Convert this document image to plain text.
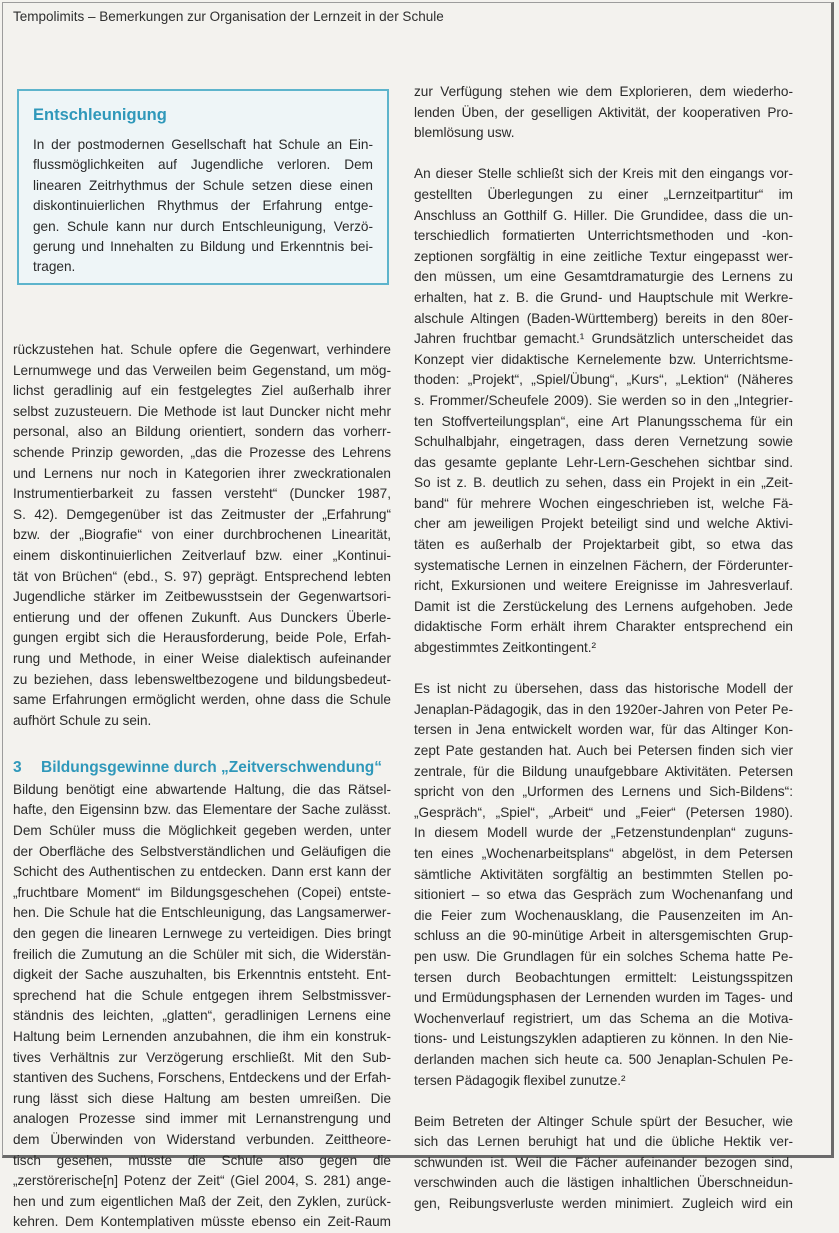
Tempolimits – Bemerkungen zur Organisation der Lernzeit in der Schule
Entschleunigung
In der postmodernen Gesellschaft hat Schule an Ein-
flussmöglichkeiten auf Jugendliche verloren. Dem
linearen Zeitrhythmus der Schule setzen diese einen
diskontinuierlichen Rhythmus der Erfahrung entge-
gen. Schule kann nur durch Entschleunigung, Verzö-
gerung und Innehalten zu Bildung und Erkenntnis bei-
tragen.
rückzustehen hat. Schule opfere die Gegenwart, verhindere
Lernumwege und das Verweilen beim Gegenstand, um mög-
lichst geradlinig auf ein festgelegtes Ziel außerhalb ihrer
selbst zuzusteuern. Die Methode ist laut Duncker nicht mehr
personal, also an Bildung orientiert, sondern das vorherr-
schende Prinzip geworden, „das die Prozesse des Lehrens
und Lernens nur noch in Kategorien ihrer zweckrationalen
Instrumentierbarkeit zu fassen versteht“ (Duncker 1987,
S. 42). Demgegenüber ist das Zeitmuster der „Erfahrung“
bzw. der „Biografie“ von einer durchbrochenen Linearität,
einem diskontinuierlichen Zeitverlauf bzw. einer „Kontinui-
tät von Brüchen“ (ebd., S. 97) geprägt. Entsprechend lebten
Jugendliche stärker im Zeitbewusstsein der Gegenwartsori-
entierung und der offenen Zukunft. Aus Dunckers Überle-
gungen ergibt sich die Herausforderung, beide Pole, Erfah-
rung und Methode, in einer Weise dialektisch aufeinander
zu beziehen, dass lebensweltbezogene und bildungsbedeut-
same Erfahrungen ermöglicht werden, ohne dass die Schule
aufhört Schule zu sein.
3 Bildungsgewinne durch „Zeitverschwendung“
Bildung benötigt eine abwartende Haltung, die das Rätsel-
hafte, den Eigensinn bzw. das Elementare der Sache zulässt.
Dem Schüler muss die Möglichkeit gegeben werden, unter
der Oberfläche des Selbstverständlichen und Geläufigen die
Schicht des Authentischen zu entdecken. Dann erst kann der
„fruchtbare Moment“ im Bildungsgeschehen (Copei) entste-
hen. Die Schule hat die Entschleunigung, das Langsamerwer-
den gegen die linearen Lernwege zu verteidigen. Dies bringt
freilich die Zumutung an die Schüler mit sich, die Widerstän-
digkeit der Sache auszuhalten, bis Erkenntnis entsteht. Ent-
sprechend hat die Schule entgegen ihrem Selbstmissver-
ständnis des leichten, „glatten“, geradlinigen Lernens eine
Haltung beim Lernenden anzubahnen, die ihm ein konstruk-
tives Verhältnis zur Verzögerung erschließt. Mit den Sub-
stantiven des Suchens, Forschens, Entdeckens und der Erfah-
rung lässt sich diese Haltung am besten umreißen. Die
analogen Prozesse sind immer mit Lernanstrengung und
dem Überwinden von Widerstand verbunden. Zeittheore-
tisch gesehen, müsste die Schule also gegen die
„zerstörerische[n] Potenz der Zeit“ (Giel 2004, S. 281) ange-
hen und zum eigentlichen Maß der Zeit, den Zyklen, zurück-
kehren. Dem Kontemplativen müsste ebenso ein Zeit-Raum
zur Verfügung stehen wie dem Explorieren, dem wiederho-
lenden Üben, der geselligen Aktivität, der kooperativen Pro-
blemlösung usw.
An dieser Stelle schließt sich der Kreis mit den eingangs vor-
gestellten Überlegungen zu einer „Lernzeitpartitur“ im
Anschluss an Gotthilf G. Hiller. Die Grundidee, dass die un-
terschiedlich formatierten Unterrichtsmethoden und -kon-
zeptionen sorgfältig in eine zeitliche Textur eingepasst wer-
den müssen, um eine Gesamtdramaturgie des Lernens zu
erhalten, hat z. B. die Grund- und Hauptschule mit Werkre-
alschule Altingen (Baden-Württemberg) bereits in den 80er-
Jahren fruchtbar gemacht.¹ Grundsätzlich unterscheidet das
Konzept vier didaktische Kernelemente bzw. Unterrichtsme-
thoden: „Projekt“, „Spiel/Übung“, „Kurs“, „Lektion“ (Näheres
s. Frommer/Scheufele 2009). Sie werden so in den „Integrier-
ten Stoffverteilungsplan“, eine Art Planungsschema für ein
Schulhalbjahr, eingetragen, dass deren Vernetzung sowie
das gesamte geplante Lehr-Lern-Geschehen sichtbar sind.
So ist z. B. deutlich zu sehen, dass ein Projekt in ein „Zeit-
band“ für mehrere Wochen eingeschrieben ist, welche Fä-
cher am jeweiligen Projekt beteiligt sind und welche Aktivi-
täten es außerhalb der Projektarbeit gibt, so etwa das
systematische Lernen in einzelnen Fächern, der Förderunter-
richt, Exkursionen und weitere Ereignisse im Jahresverlauf.
Damit ist die Zerstückelung des Lernens aufgehoben. Jede
didaktische Form erhält ihrem Charakter entsprechend ein
abgestimmtes Zeitkontingent.²
Es ist nicht zu übersehen, dass das historische Modell der
Jenaplan-Pädagogik, das in den 1920er-Jahren von Peter Pe-
tersen in Jena entwickelt worden war, für das Altinger Kon-
zept Pate gestanden hat. Auch bei Petersen finden sich vier
zentrale, für die Bildung unaufgebbare Aktivitäten. Petersen
spricht von den „Urformen des Lernens und Sich-Bildens“:
„Gespräch“, „Spiel“, „Arbeit“ und „Feier“ (Petersen 1980).
In diesem Modell wurde der „Fetzenstundenplan“ zuguns-
ten eines „Wochenarbeitsplans“ abgelöst, in dem Petersen
sämtliche Aktivitäten sorgfältig an bestimmten Stellen po-
sitioniert – so etwa das Gespräch zum Wochenanfang und
die Feier zum Wochenausklang, die Pausenzeiten im An-
schluss an die 90-minütige Arbeit in altersgemischten Grup-
pen usw. Die Grundlagen für ein solches Schema hatte Pe-
tersen durch Beobachtungen ermittelt: Leistungsspitzen
und Ermüdungsphasen der Lernenden wurden im Tages- und
Wochenverlauf registriert, um das Schema an die Motiva-
tions- und Leistungszyklen adaptieren zu können. In den Nie-
derlanden machen sich heute ca. 500 Jenaplan-Schulen Pe-
tersen Pädagogik flexibel zunutze.²
Beim Betreten der Altinger Schule spürt der Besucher, wie
sich das Lernen beruhigt hat und die übliche Hektik ver-
schwunden ist. Weil die Fächer aufeinander bezogen sind,
verschwinden auch die lästigen inhaltlichen Überschneidun-
gen, Reibungsverluste werden minimiert. Zugleich wird ein
